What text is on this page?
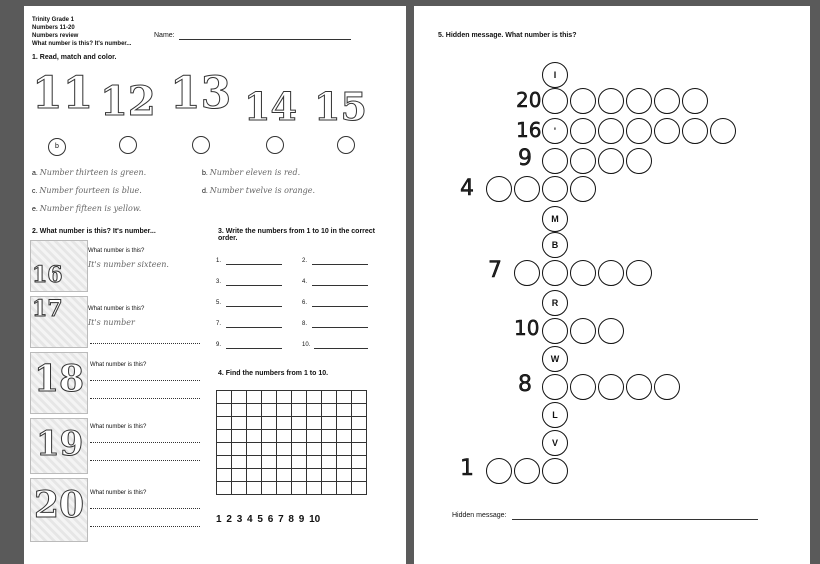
Trinity Grade 1
Numbers 11-20
Numbers review
What number is this? It's number...
Name:
1. Read, match and color.
11 12 13 14 15
b
a. Number thirteen is green.	b. Number eleven is red.
c. Number fourteen is blue.	d. Number twelve is orange.
e. Number fifteen is yellow.
2. What number is this? It's number...
16
What number is this?
It's number sixteen.
17	What number is this?
It's number
18 What number is this?
19 What number is this?
20 What number is this?
3. Write the numbers from 1 to 10 in the correct order.
1.	2.
3.	4.
5.	6.
7.	8.
9.	10.
4. Find the numbers from 1 to 10.

1 2 3 4 5 6 7 8 9 10
5. Hidden message. What number is this?
I
20
16	'
9
4
M
B
7
R
10
W
8
L
V
1
Hidden message:
